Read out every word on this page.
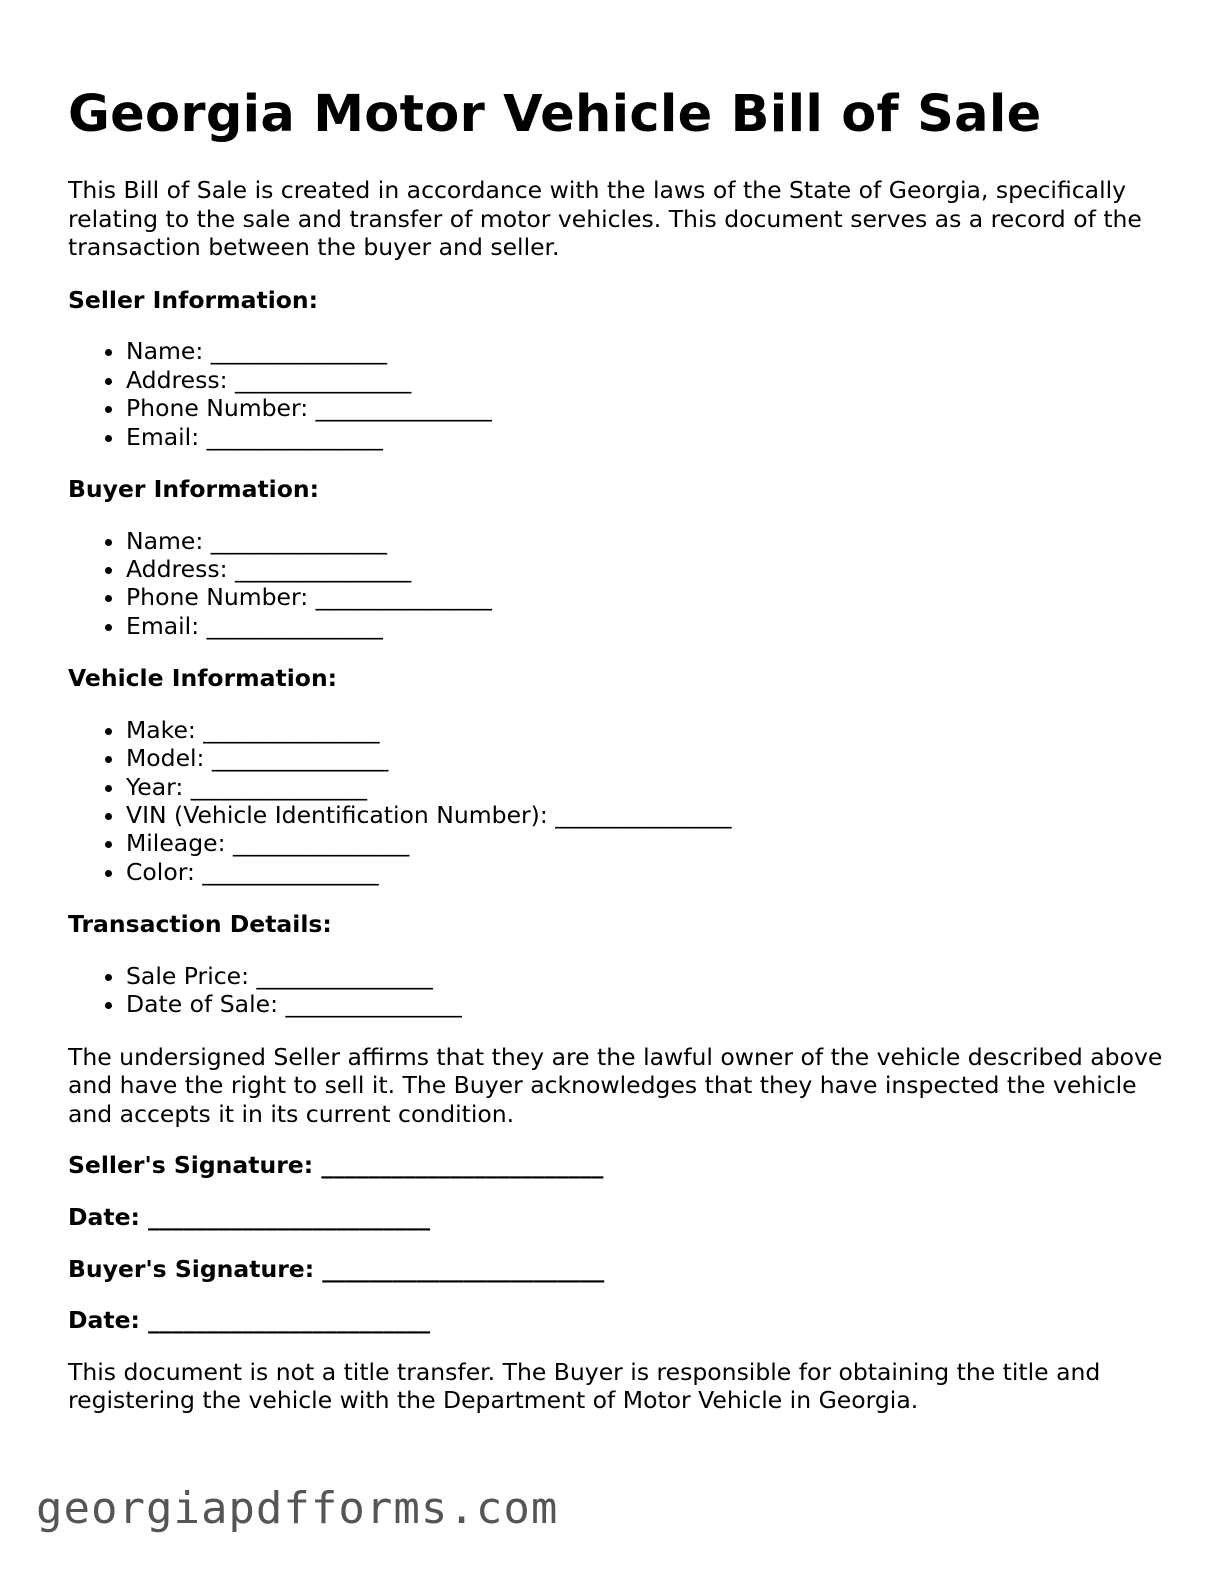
Georgia Motor Vehicle Bill of Sale

This Bill of Sale is created in accordance with the laws of the State of Georgia, specifically relating to the sale and transfer of motor vehicles. This document serves as a record of the transaction between the buyer and seller.

Seller Information:
• Name: _______________
• Address: _______________
• Phone Number: _______________
• Email: _______________
Buyer Information:
• Name: _______________
• Address: _______________
• Phone Number: _______________
• Email: _______________
Vehicle Information:
• Make: _______________
• Model: _______________
• Year: _______________
• VIN (Vehicle Identification Number): _______________
• Mileage: _______________
• Color: _______________
Transaction Details:
• Sale Price: _______________
• Date of Sale: _______________

The undersigned Seller affirms that they are the lawful owner of the vehicle described above and have the right to sell it. The Buyer acknowledges that they have inspected the vehicle and accepts it in its current condition.

Seller's Signature: ________________________
Date: ________________________
Buyer's Signature: ________________________
Date: ________________________

This document is not a title transfer. The Buyer is responsible for obtaining the title and registering the vehicle with the Department of Motor Vehicle in Georgia.

georgiapdfforms.com
